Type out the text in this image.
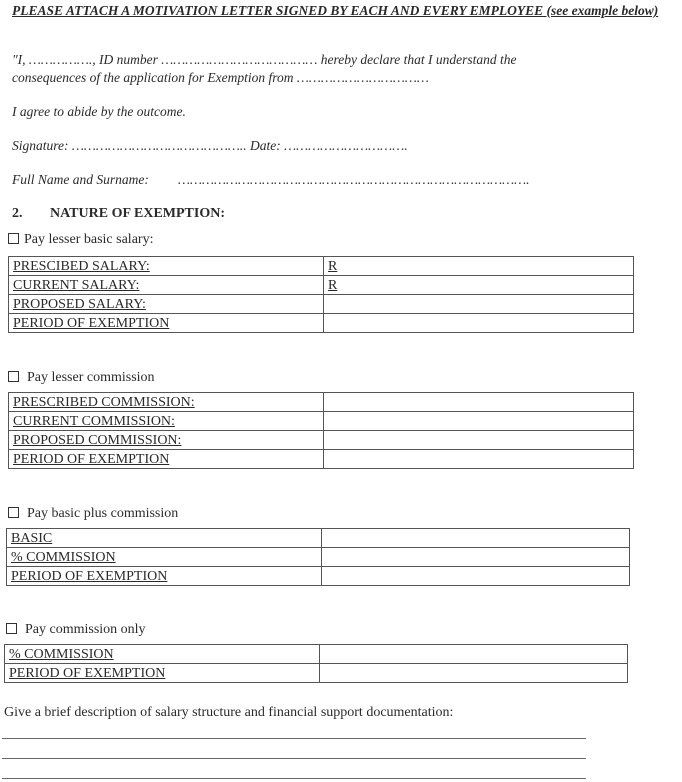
PLEASE ATTACH A MOTIVATION LETTER SIGNED BY EACH AND EVERY EMPLOYEE (see example below)
"I, ……………., ID number ………………………………… hereby declare that I understand the
consequences of the application for Exemption from ……………………………
I agree to abide by the outcome.
Signature: …………………………………….. Date: ………………………….
Full Name and Surname: …………………………………………………………………………….
2. NATURE OF EXEMPTION:
Pay lesser basic salary:
PRESCIBED SALARY:	R
CURRENT SALARY:	R
PROPOSED SALARY:	
PERIOD OF EXEMPTION	
Pay lesser commission
PRESCRIBED COMMISSION:	
CURRENT COMMISSION:	
PROPOSED COMMISSION:	
PERIOD OF EXEMPTION	
Pay basic plus commission
BASIC	
% COMMISSION	
PERIOD OF EXEMPTION	
Pay commission only
% COMMISSION	
PERIOD OF EXEMPTION	
Give a brief description of salary structure and financial support documentation:
